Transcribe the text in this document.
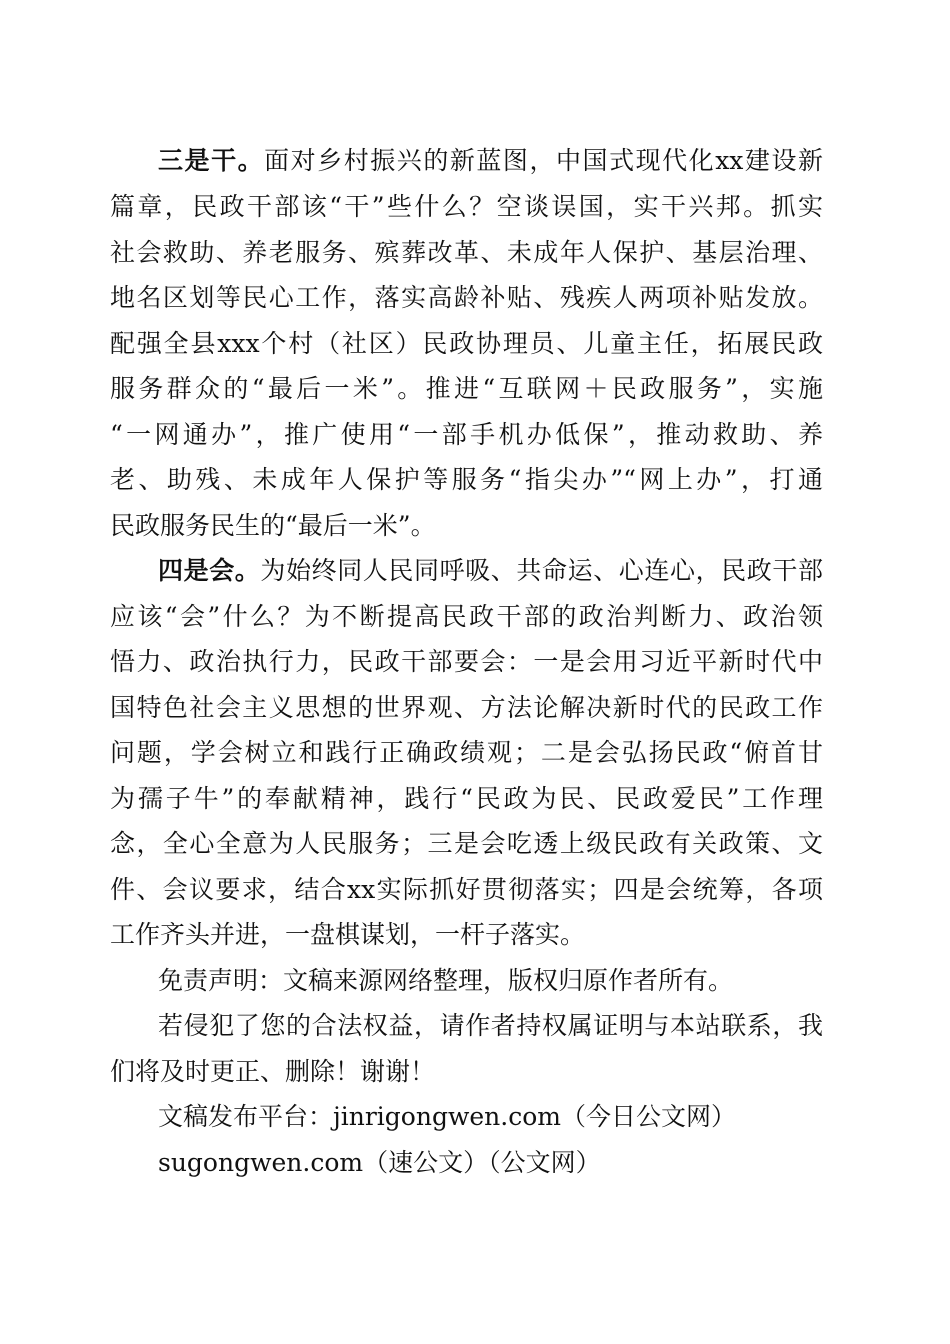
三是干。面对乡村振兴的新蓝图，中国式现代化xx建设新
篇章，民政干部该“干”些什么？空谈误国，实干兴邦。抓实
社会救助、养老服务、殡葬改革、未成年人保护、基层治理、
地名区划等民心工作，落实高龄补贴、残疾人两项补贴发放。
配强全县xxx个村（社区）民政协理员、儿童主任，拓展民政
服务群众的“最后一米”。推进“互联网＋民政服务”，实施
“一网通办”，推广使用“一部手机办低保”，推动救助、养
老、助残、未成年人保护等服务“指尖办”“网上办”，打通
民政服务民生的“最后一米”。
四是会。为始终同人民同呼吸、共命运、心连心，民政干部
应该“会”什么？为不断提高民政干部的政治判断力、政治领
悟力、政治执行力，民政干部要会：一是会用习近平新时代中
国特色社会主义思想的世界观、方法论解决新时代的民政工作
问题，学会树立和践行正确政绩观；二是会弘扬民政“俯首甘
为孺子牛”的奉献精神，践行“民政为民、民政爱民”工作理
念，全心全意为人民服务；三是会吃透上级民政有关政策、文
件、会议要求，结合xx实际抓好贯彻落实；四是会统筹，各项
工作齐头并进，一盘棋谋划，一杆子落实。
免责声明：文稿来源网络整理，版权归原作者所有。
若侵犯了您的合法权益，请作者持权属证明与本站联系，我
们将及时更正、删除！谢谢！
文稿发布平台：jinrigongwen.com（今日公文网）
sugongwen.com（速公文）（公文网）
